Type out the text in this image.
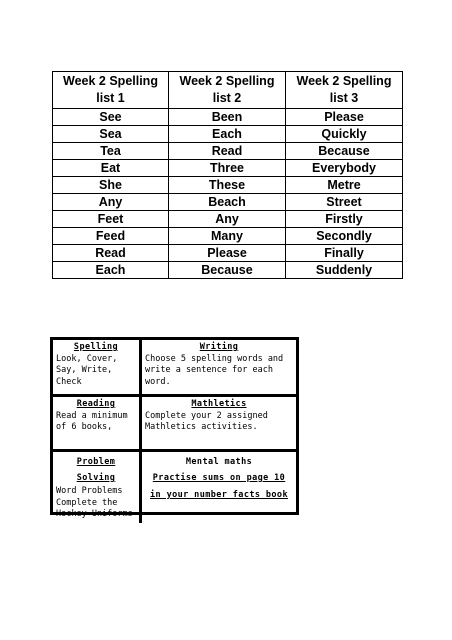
Week 2 Spelling list 1	Week 2 Spelling list 2	Week 2 Spelling list 3
See	Been	Please
Sea	Each	Quickly
Tea	Read	Because
Eat	Three	Everybody
She	These	Metre
Any	Beach	Street
Feet	Any	Firstly
Feed	Many	Secondly
Read	Please	Finally
Each	Because	Suddenly
Spelling
Look, Cover, Say, Write, Check
Writing
Choose 5 spelling words and write a sentence for each word.
Reading
Read a minimum of 6 books,
Mathletics
Complete your 2 assigned Mathletics activities.
Problem Solving
Word Problems Complete the Hockey Uniforms
Mental maths
Practise sums on page 10 in your number facts book
